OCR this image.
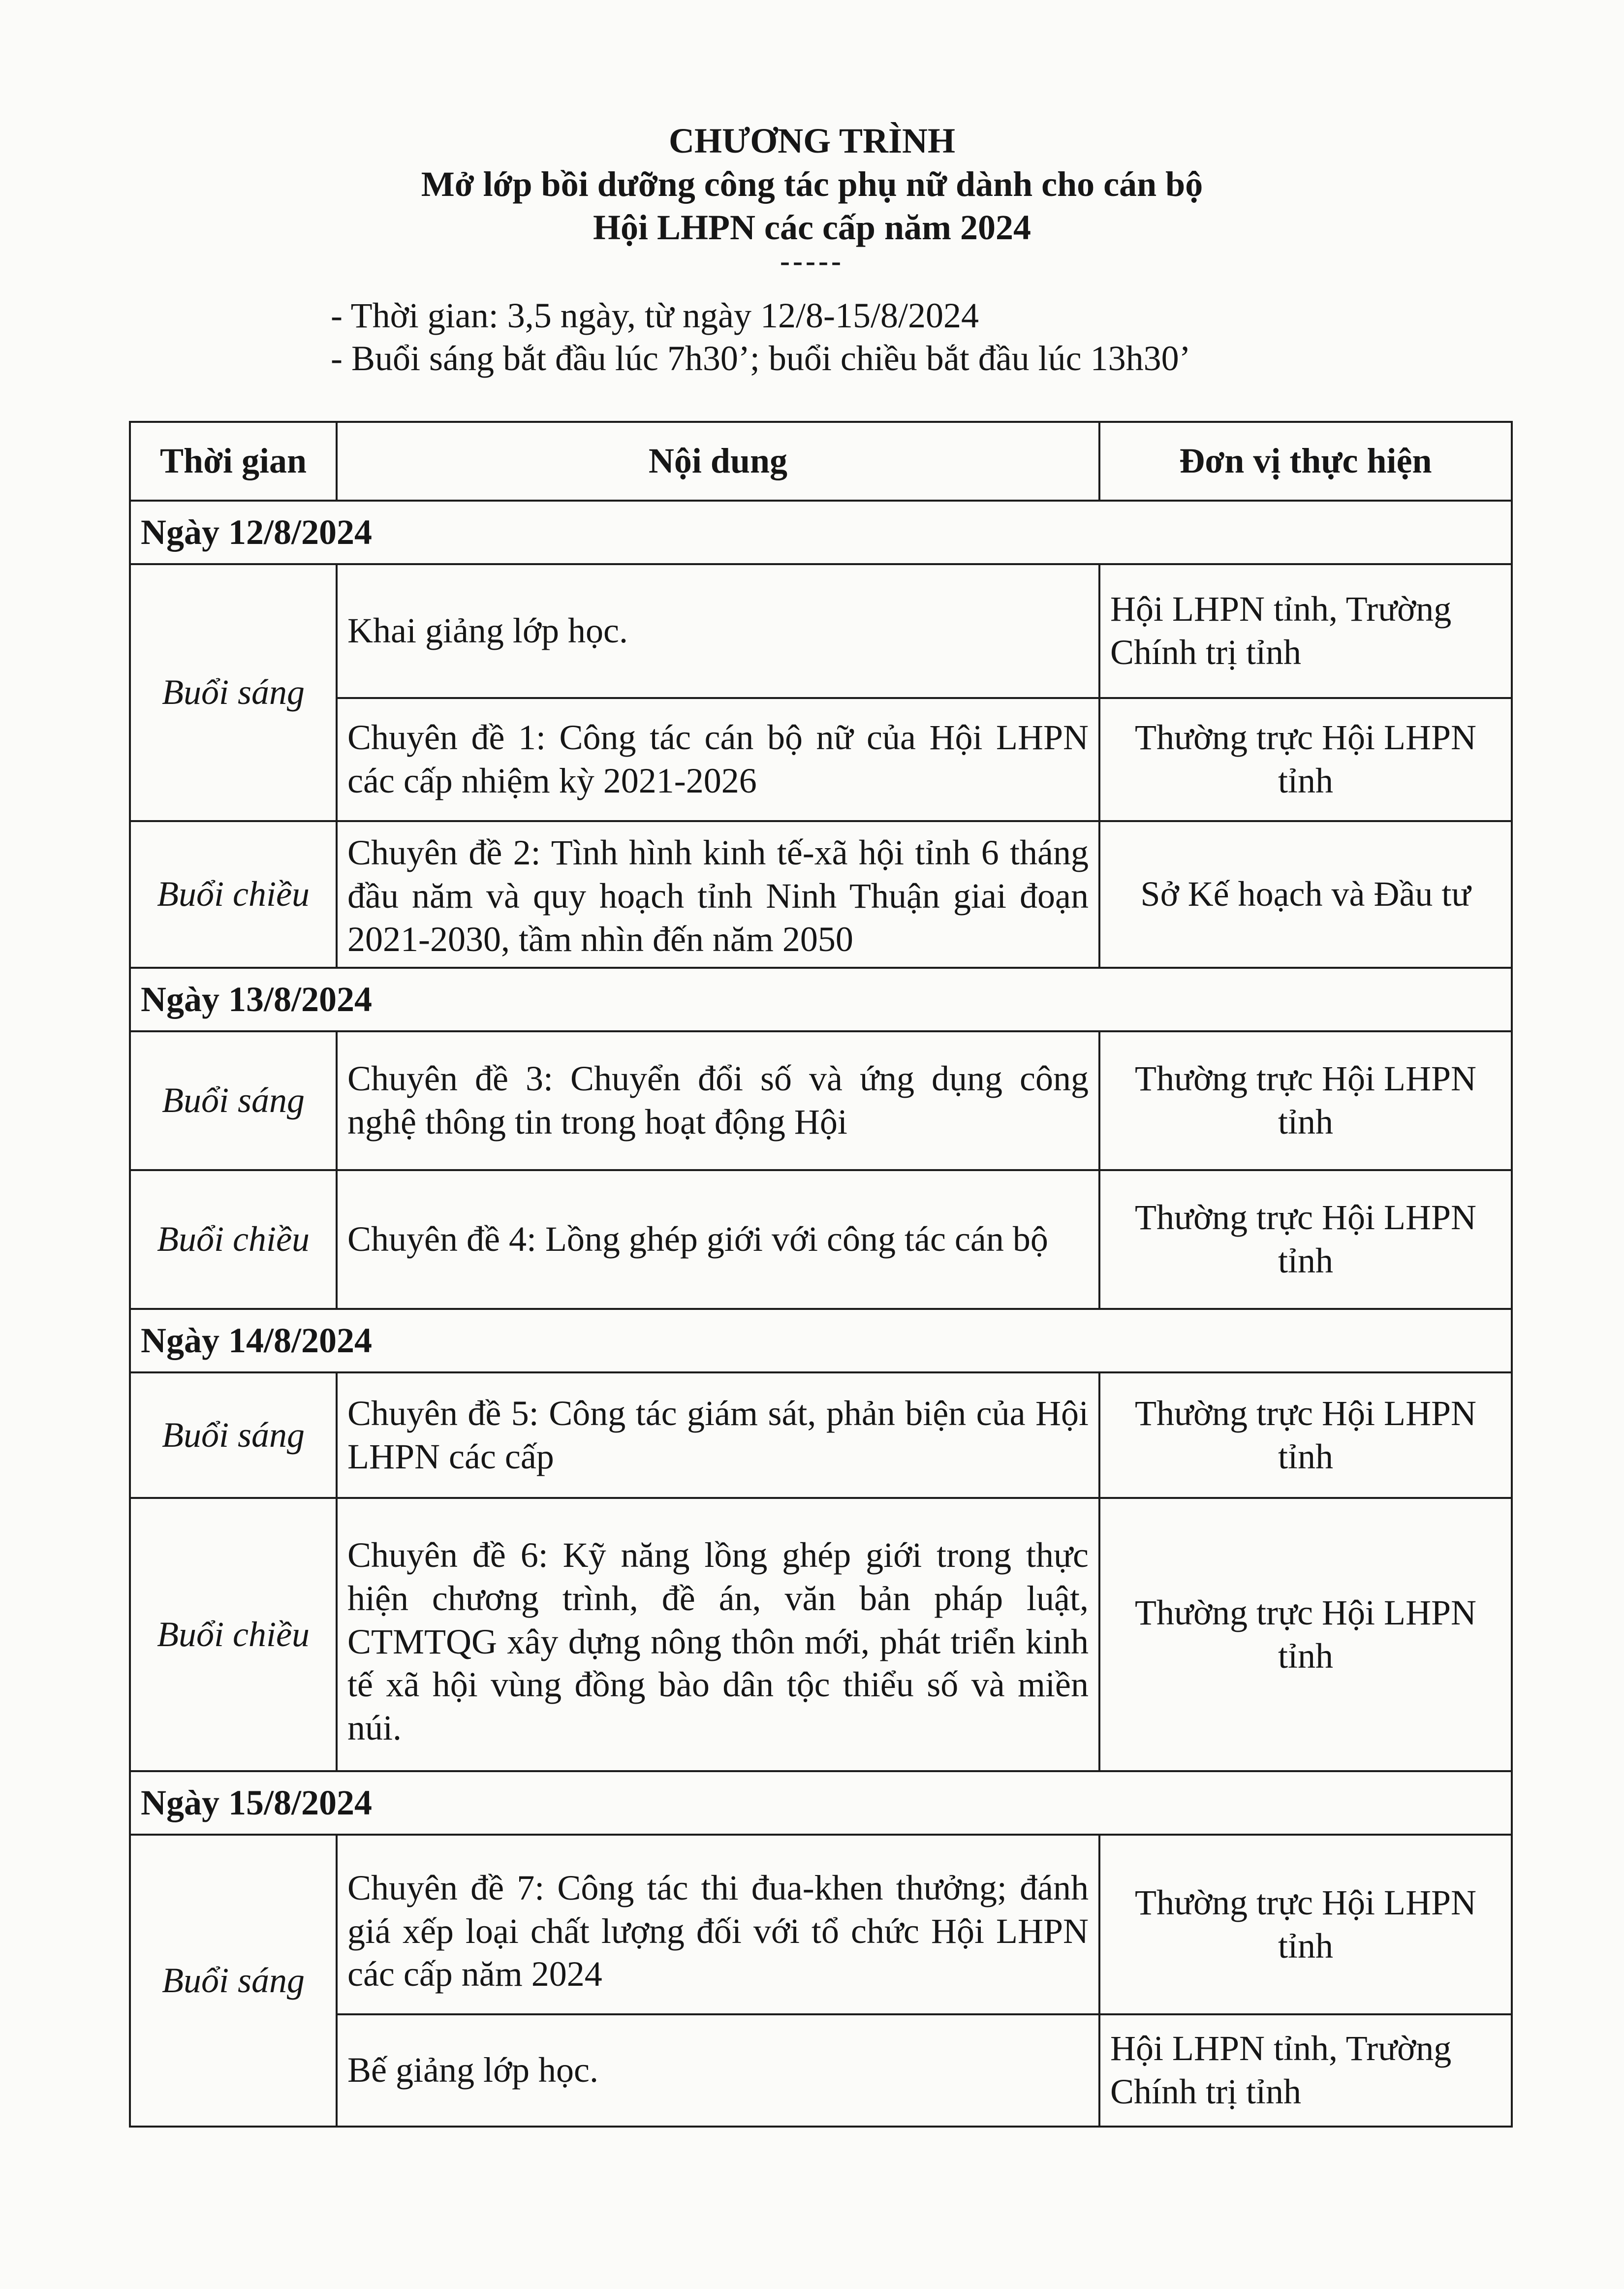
CHƯƠNG TRÌNH
Mở lớp bồi dưỡng công tác phụ nữ dành cho cán bộ
Hội LHPN các cấp năm 2024
-----
- Thời gian: 3,5 ngày, từ ngày 12/8-15/8/2024
- Buổi sáng bắt đầu lúc 7h30’; buổi chiều bắt đầu lúc 13h30’
Thời gian	Nội dung	Đơn vị thực hiện
Ngày 12/8/2024		
Buổi sáng	Khai giảng lớp học.	Hội LHPN tỉnh, Trường Chính trị tỉnh
	Chuyên đề 1: Công tác cán bộ nữ của Hội LHPN các cấp nhiệm kỳ 2021-2026	Thường trực Hội LHPN tỉnh
Buổi chiều	Chuyên đề 2: Tình hình kinh tế-xã hội tỉnh 6 tháng đầu năm và quy hoạch tỉnh Ninh Thuận giai đoạn 2021-2030, tầm nhìn đến năm 2050	Sở Kế hoạch và Đầu tư
Ngày 13/8/2024		
Buổi sáng	Chuyên đề 3: Chuyển đổi số và ứng dụng công nghệ thông tin trong hoạt động Hội	Thường trực Hội LHPN tỉnh
Buổi chiều	Chuyên đề 4: Lồng ghép giới với công tác cán bộ	Thường trực Hội LHPN tỉnh
Ngày 14/8/2024		
Buổi sáng	Chuyên đề 5: Công tác giám sát, phản biện của Hội LHPN các cấp	Thường trực Hội LHPN tỉnh
Buổi chiều	Chuyên đề 6: Kỹ năng lồng ghép giới trong thực hiện chương trình, đề án, văn bản pháp luật, CTMTQG xây dựng nông thôn mới, phát triển kinh tế xã hội vùng đồng bào dân tộc thiểu số và miền núi.	Thường trực Hội LHPN tỉnh
Ngày 15/8/2024		
Buổi sáng	Chuyên đề 7: Công tác thi đua-khen thưởng; đánh giá xếp loại chất lượng đối với tổ chức Hội LHPN các cấp năm 2024	Thường trực Hội LHPN tỉnh
	Bế giảng lớp học.	Hội LHPN tỉnh, Trường Chính trị tỉnh
